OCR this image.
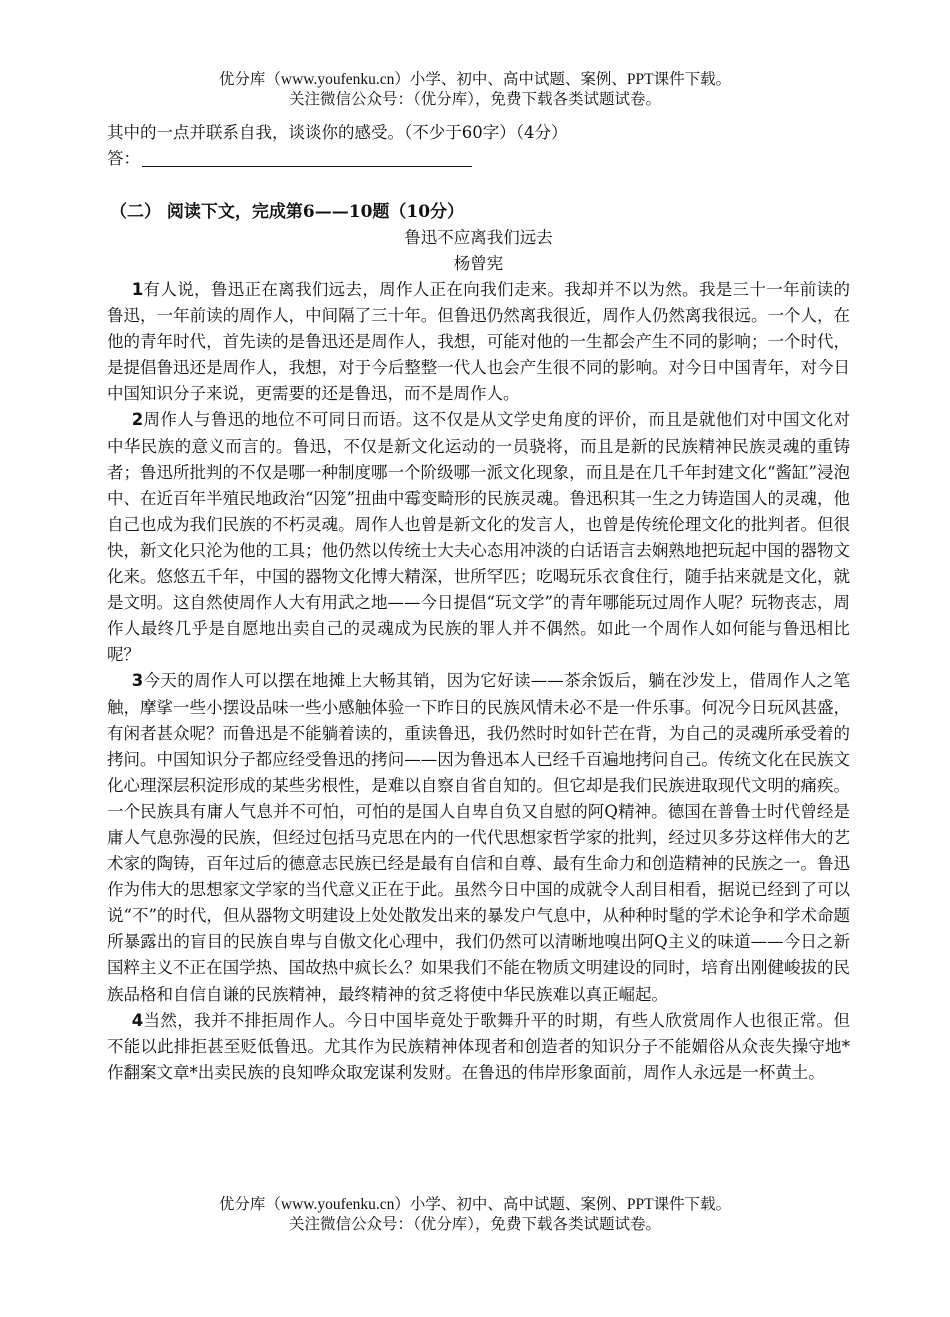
优分库（www.youfenku.cn）小学、初中、高中试题、案例、PPT课件下载。
关注微信公众号：（优分库），免费下载各类试题试卷。
其中的一点并联系自我，谈谈你的感受。（不少于60字）（4分）
答：
（二） 阅读下文，完成第6——10题（10分）
鲁迅不应离我们远去
杨曾宪
1有人说，鲁迅正在离我们远去，周作人正在向我们走来。我却并不以为然。我是三十一年前读的鲁迅，一年前读的周作人，中间隔了三十年。但鲁迅仍然离我很近，周作人仍然离我很远。一个人，在他的青年时代，首先读的是鲁迅还是周作人，我想，可能对他的一生都会产生不同的影响；一个时代，是提倡鲁迅还是周作人，我想，对于今后整整一代人也会产生很不同的影响。对今日中国青年，对今日中国知识分子来说，更需要的还是鲁迅，而不是周作人。
2周作人与鲁迅的地位不可同日而语。这不仅是从文学史角度的评价，而且是就他们对中国文化对中华民族的意义而言的。鲁迅，不仅是新文化运动的一员骁将，而且是新的民族精神民族灵魂的重铸者；鲁迅所批判的不仅是哪一种制度哪一个阶级哪一派文化现象，而且是在几千年封建文化“酱缸”浸泡中、在近百年半殖民地政治“囚笼”扭曲中霉变畸形的民族灵魂。鲁迅积其一生之力铸造国人的灵魂，他自己也成为我们民族的不朽灵魂。周作人也曾是新文化的发言人，也曾是传统伦理文化的批判者。但很快，新文化只沦为他的工具；他仍然以传统士大夫心态用冲淡的白话语言去娴熟地把玩起中国的器物文化来。悠悠五千年，中国的器物文化博大精深，世所罕匹；吃喝玩乐衣食住行，随手拈来就是文化，就是文明。这自然使周作人大有用武之地——今日提倡“玩文学”的青年哪能玩过周作人呢？玩物丧志，周作人最终几乎是自愿地出卖自己的灵魂成为民族的罪人并不偶然。如此一个周作人如何能与鲁迅相比呢？
3今天的周作人可以摆在地摊上大畅其销，因为它好读——茶余饭后，躺在沙发上，借周作人之笔触，摩挲一些小摆设品味一些小感触体验一下昨日的民族风情未必不是一件乐事。何况今日玩风甚盛，有闲者甚众呢？而鲁迅是不能躺着读的，重读鲁迅，我仍然时时如针芒在背，为自己的灵魂所承受着的拷问。中国知识分子都应经受鲁迅的拷问——因为鲁迅本人已经千百遍地拷问自己。传统文化在民族文化心理深层积淀形成的某些劣根性，是难以自察自省自知的。但它却是我们民族进取现代文明的痛疾。一个民族具有庸人气息并不可怕，可怕的是国人自卑自负又自慰的阿Q精神。德国在普鲁士时代曾经是庸人气息弥漫的民族，但经过包括马克思在内的一代代思想家哲学家的批判，经过贝多芬这样伟大的艺术家的陶铸，百年过后的德意志民族已经是最有自信和自尊、最有生命力和创造精神的民族之一。鲁迅作为伟大的思想家文学家的当代意义正在于此。虽然今日中国的成就令人刮目相看，据说已经到了可以说“不”的时代，但从器物文明建设上处处散发出来的暴发户气息中，从种种时髦的学术论争和学术命题所暴露出的盲目的民族自卑与自傲文化心理中，我们仍然可以清晰地嗅出阿Q主义的味道——今日之新国粹主义不正在国学热、国故热中疯长么？如果我们不能在物质文明建设的同时，培育出刚健峻拔的民族品格和自信自谦的民族精神，最终精神的贫乏将使中华民族难以真正崛起。
4当然，我并不排拒周作人。今日中国毕竟处于歌舞升平的时期，有些人欣赏周作人也很正常。但不能以此排拒甚至贬低鲁迅。尤其作为民族精神体现者和创造者的知识分子不能媚俗从众丧失操守地*作翻案文章*出卖民族的良知哗众取宠谋利发财。在鲁迅的伟岸形象面前，周作人永远是一杯黄土。
优分库（www.youfenku.cn）小学、初中、高中试题、案例、PPT课件下载。
关注微信公众号：（优分库），免费下载各类试题试卷。
